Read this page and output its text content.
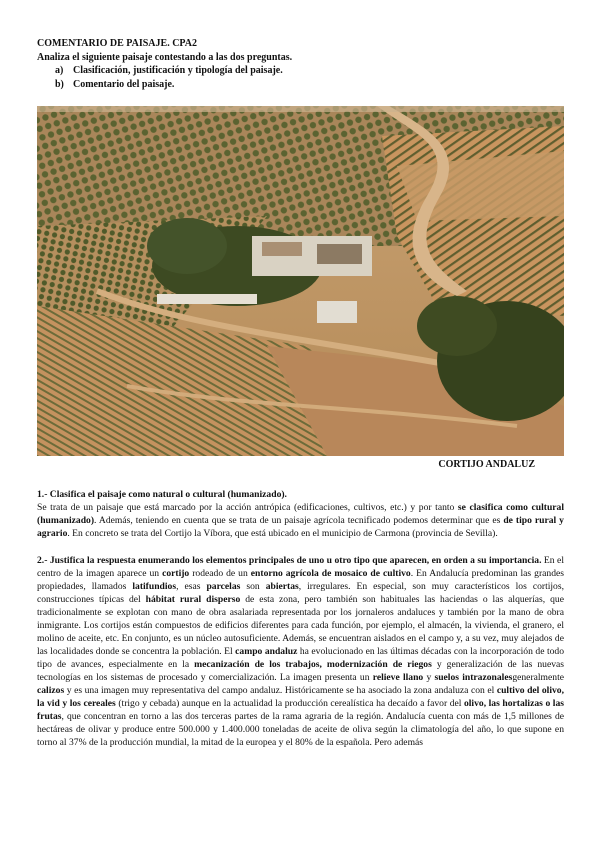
COMENTARIO DE PAISAJE. CPA2
Analiza el siguiente paisaje contestando a las dos preguntas.
a) Clasificación, justificación y tipología del paisaje.
b) Comentario del paisaje.
CORTIJO ANDALUZ

1.- Clasifica el paisaje como natural o cultural (humanizado).

Se trata de un paisaje que está marcado por la acción antrópica (edificaciones, cultivos, etc.) y por tanto se clasifica como cultural (humanizado). Además, teniendo en cuenta que se trata de un paisaje agrícola tecnificado podemos determinar que es de tipo rural y agrario. En concreto se trata del Cortijo la Víbora, que está ubicado en el municipio de Carmona (provincia de Sevilla).

2.- Justifica la respuesta enumerando los elementos principales de uno u otro tipo que aparecen, en orden a su importancia. En el centro de la imagen aparece un cortijo rodeado de un entorno agrícola de mosaico de cultivo. En Andalucía predominan las grandes propiedades, llamados latifundios, esas parcelas son abiertas, irregulares. En especial, son muy característicos los cortijos, construcciones típicas del hábitat rural disperso de esta zona, pero también son habituales las haciendas o las alquerías, que tradicionalmente se explotan con mano de obra asalariada representada por los jornaleros andaluces y también por la mano de obra inmigrante. Los cortijos están compuestos de edificios diferentes para cada función, por ejemplo, el almacén, la vivienda, el granero, el molino de aceite, etc. En conjunto, es un núcleo autosuficiente. Además, se encuentran aislados en el campo y, a su vez, muy alejados de las localidades donde se concentra la población. El campo andaluz ha evolucionado en las últimas décadas con la incorporación de todo tipo de avances, especialmente en la mecanización de los trabajos, modernización de riegos y generalización de las nuevas tecnologías en los sistemas de procesado y comercialización. La imagen presenta un relieve llano y suelos intrazonalesgeneralmente calizos y es una imagen muy representativa del campo andaluz. Históricamente se ha asociado la zona andaluza con el cultivo del olivo, la vid y los cereales (trigo y cebada) aunque en la actualidad la producción cerealística ha decaído a favor del olivo, las hortalizas o las frutas, que concentran en torno a las dos terceras partes de la rama agraria de la región. Andalucía cuenta con más de 1,5 millones de hectáreas de olivar y produce entre 500.000 y 1.400.000 toneladas de aceite de oliva según la climatología del año, lo que supone en torno al 37% de la producción mundial, la mitad de la europea y el 80% de la española. Pero además
